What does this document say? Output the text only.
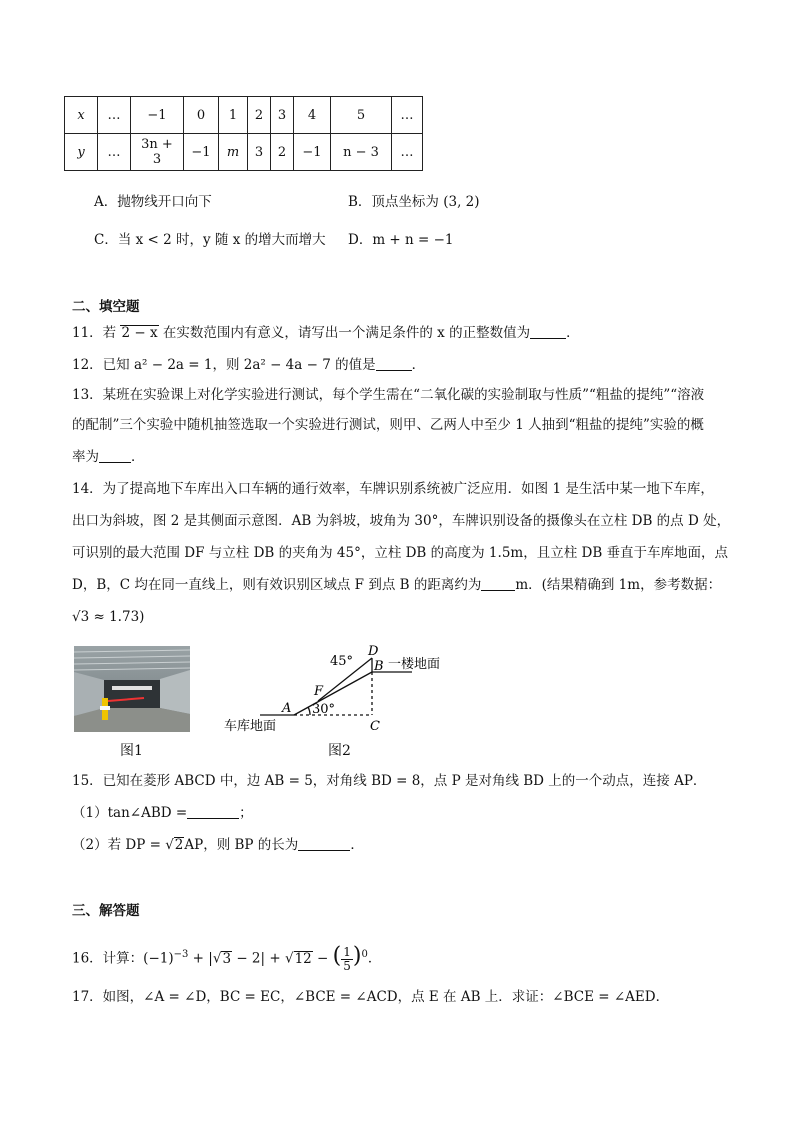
x	…	−1	0	1	2	3	4	5	…
y	…	3n + 3	−1	m	3	2	−1	n − 3	…
A．抛物线开口向下	B．顶点坐标为 (3, 2)
C．当 x < 2 时，y 随 x 的增大而增大 D．m + n = −1
二、填空题
11．若 2 − x 在实数范围内有意义，请写出一个满足条件的 x 的正整数值为	．
12．已知 a² − 2a = 1，则 2a² − 4a − 7 的值是	．
13．某班在实验课上对化学实验进行测试，每个学生需在“二氧化碳的实验制取与性质”“粗盐的提纯”“溶液
的配制”三个实验中随机抽签选取一个实验进行测试，则甲、乙两人中至少 1 人抽到“粗盐的提纯”实验的概
率为 ．
14．为了提高地下车库出入口车辆的通行效率，车牌识别系统被广泛应用．如图 1 是生活中某一地下车库，
出口为斜坡，图 2 是其侧面示意图．AB 为斜坡，坡角为 30°，车牌识别设备的摄像头在立柱 DB 的点 D 处，
可识别的最大范围 DF 与立柱 DB 的夹角为 45°，立柱 DB 的高度为 1.5m，且立柱 DB 垂直于车库地面，点
D，B，C 均在同一直线上，则有效识别区域点 F 到点 B 的距离约为	m．(结果精确到 1m，参考数据：
√3 ≈ 1.73)
图1
D
B
A
F
C
45°
30°
一楼地面
车库地面
图2
15．已知在菱形 ABCD 中，边 AB = 5，对角线 BD = 8，点 P 是对角线 BD 上的一个动点，连接 AP．
（1）tan∠ABD =	；
（2）若 DP = √2AP，则 BP 的长为	．
三、解答题
16．计算：$(-1)^{-3} + |√3 - 2| + √12$ − ( $\frac{1}{5})^0$．
17．如图，∠A = ∠D，BC = EC，∠BCE = ∠ACD，点 E 在 AB 上．求证：∠BCE = ∠AED．
